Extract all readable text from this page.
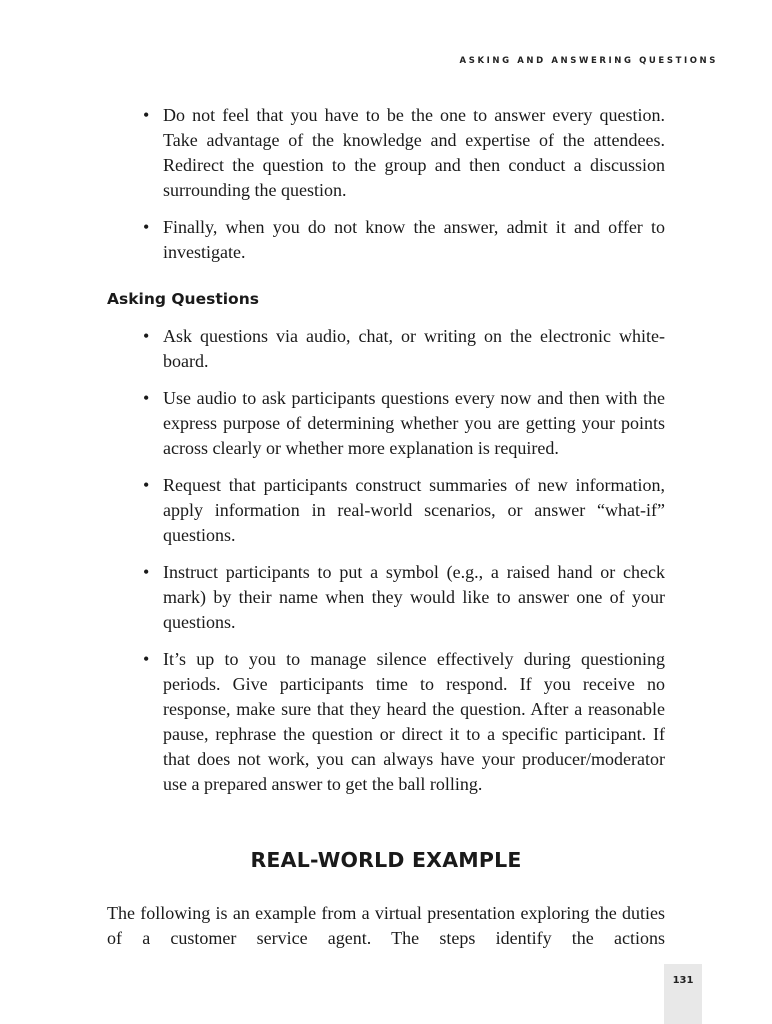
ASKING AND ANSWERING QUESTIONS
• Do not feel that you have to be the one to answer every question. Take advantage of the knowledge and expertise of the attendees. Redirect the question to the group and then conduct a discussion surrounding the question.
• Finally, when you do not know the answer, admit it and offer to investigate.
Asking Questions
• Ask questions via audio, chat, or writing on the electronic whiteboard.
• Use audio to ask participants questions every now and then with the express purpose of determining whether you are getting your points across clearly or whether more explanation is required.
• Request that participants construct summaries of new information, apply information in real-world scenarios, or answer “what-if” questions.
• Instruct participants to put a symbol (e.g., a raised hand or check mark) by their name when they would like to answer one of your questions.
• It’s up to you to manage silence effectively during questioning periods. Give participants time to respond. If you receive no response, make sure that they heard the question. After a reasonable pause, rephrase the question or direct it to a specific participant. If that does not work, you can always have your producer/moderator use a prepared answer to get the ball rolling.
REAL-WORLD EXAMPLE
The following is an example from a virtual presentation exploring the duties of a customer service agent. The steps identify the actions
131
